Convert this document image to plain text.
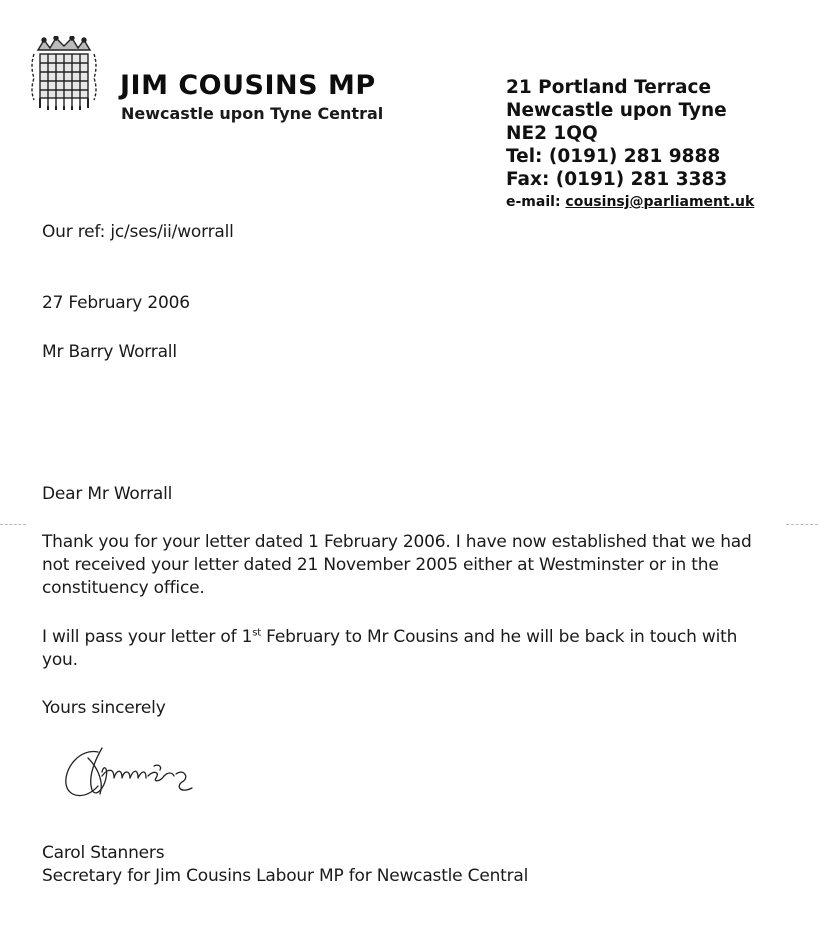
JIM COUSINS MP
Newcastle upon Tyne Central
21 Portland Terrace
Newcastle upon Tyne
NE2 1QQ
Tel: (0191) 281 9888
Fax: (0191) 281 3383
e-mail: cousinsj@parliament.uk
Our ref: jc/ses/ii/worrall
27 February 2006
Mr Barry Worrall
Dear Mr Worrall
Thank you for your letter dated 1 February 2006. I have now established that we had not received your letter dated 21 November 2005 either at Westminster or in the constituency office.
I will pass your letter of 1st February to Mr Cousins and he will be back in touch with you.
Yours sincerely
Carol Stanners
Secretary for Jim Cousins Labour MP for Newcastle Central
